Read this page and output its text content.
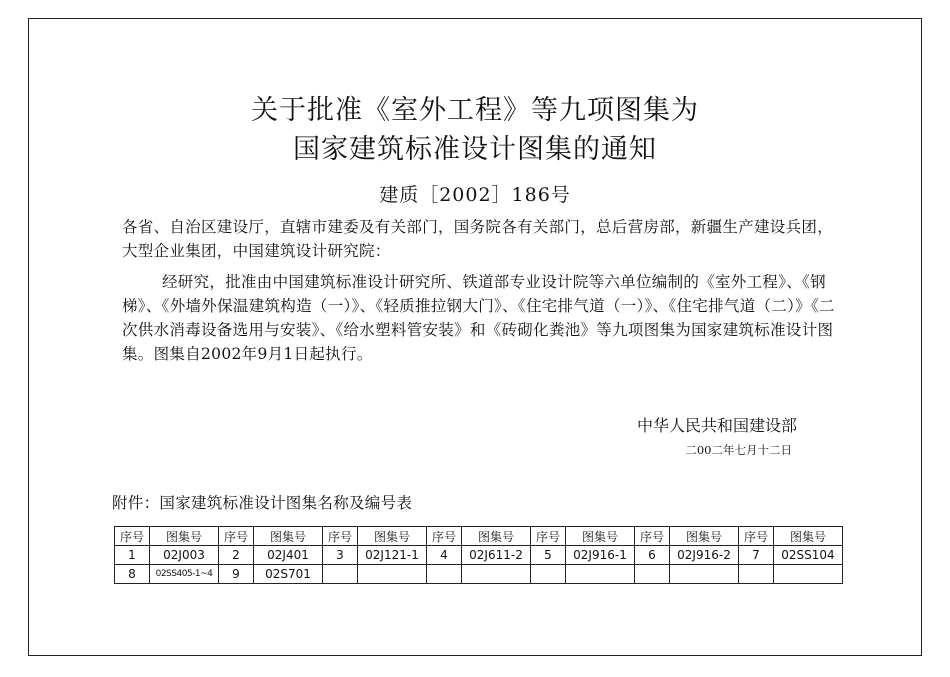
关于批准《室外工程》等九项图集为
国家建筑标准设计图集的通知
建质［2002］186号
各省、自治区建设厅，直辖市建委及有关部门，国务院各有关部门，总后营房部，新疆生产建设兵团，大型企业集团，中国建筑设计研究院：
经研究，批准由中国建筑标准设计研究所、铁道部专业设计院等六单位编制的《室外工程》、《钢梯》、《外墙外保温建筑构造（一）》、《轻质推拉钢大门》、《住宅排气道（一）》、《住宅排气道（二）》《二次供水消毒设备选用与安装》、《给水塑料管安装》和《砖砌化粪池》等九项图集为国家建筑标准设计图集。图集自2002年9月1日起执行。
中华人民共和国建设部
二00二年七月十二日
附件：国家建筑标准设计图集名称及编号表
序号	图集号	序号	图集号	序号	图集号	序号	图集号	序号	图集号	序号	图集号	序号	图集号
1	02J003	2	02J401	3	02J121-1	4	02J611-2	5	02J916-1	6	02J916-2	7	02SS104
8	02SS405-1~4	9	02S701										
